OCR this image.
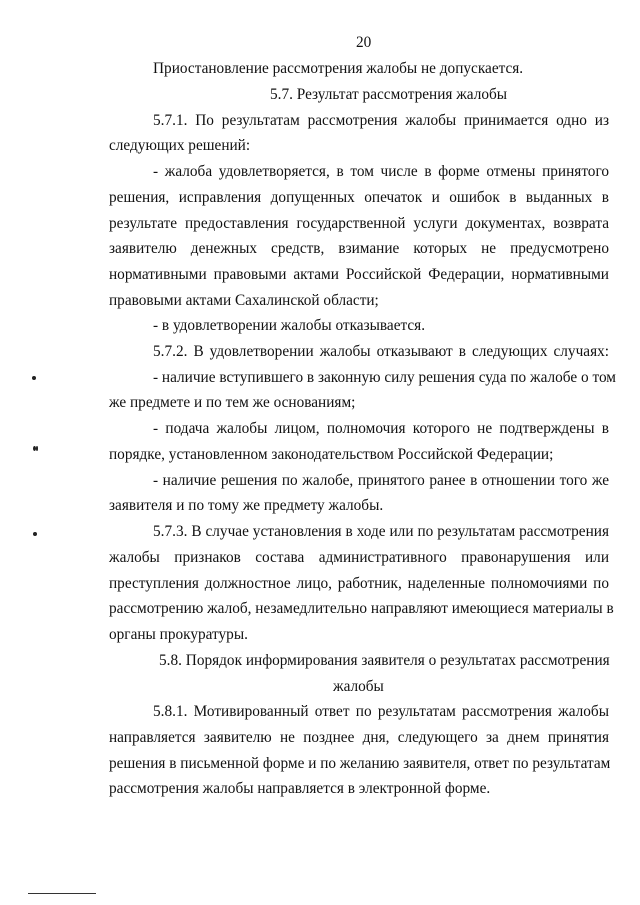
20
Приостановление рассмотрения жалобы не допускается.
5.7. Результат рассмотрения жалобы
5.7.1. По результатам рассмотрения жалобы принимается одно из
следующих решений:
- жалоба удовлетворяется, в том числе в форме отмены принятого
решения, исправления допущенных опечаток и ошибок в выданных в
результате предоставления государственной услуги документах, возврата
заявителю денежных средств, взимание которых не предусмотрено
нормативными правовыми актами Российской Федерации, нормативными
правовыми актами Сахалинской области;
- в удовлетворении жалобы отказывается.
5.7.2. В удовлетворении жалобы отказывают в следующих случаях:
- наличие вступившего в законную силу решения суда по жалобе о том
же предмете и по тем же основаниям;
- подача жалобы лицом, полномочия которого не подтверждены в
порядке, установленном законодательством Российской Федерации;
- наличие решения по жалобе, принятого ранее в отношении того же
заявителя и по тому же предмету жалобы.
5.7.3. В случае установления в ходе или по результатам рассмотрения
жалобы признаков состава административного правонарушения или
преступления должностное лицо, работник, наделенные полномочиями по
рассмотрению жалоб, незамедлительно направляют имеющиеся материалы в
органы прокуратуры.
5.8. Порядок информирования заявителя о результатах рассмотрения
жалобы
5.8.1. Мотивированный ответ по результатам рассмотрения жалобы
направляется заявителю не позднее дня, следующего за днем принятия
решения в письменной форме и по желанию заявителя, ответ по результатам
рассмотрения жалобы направляется в электронной форме.
